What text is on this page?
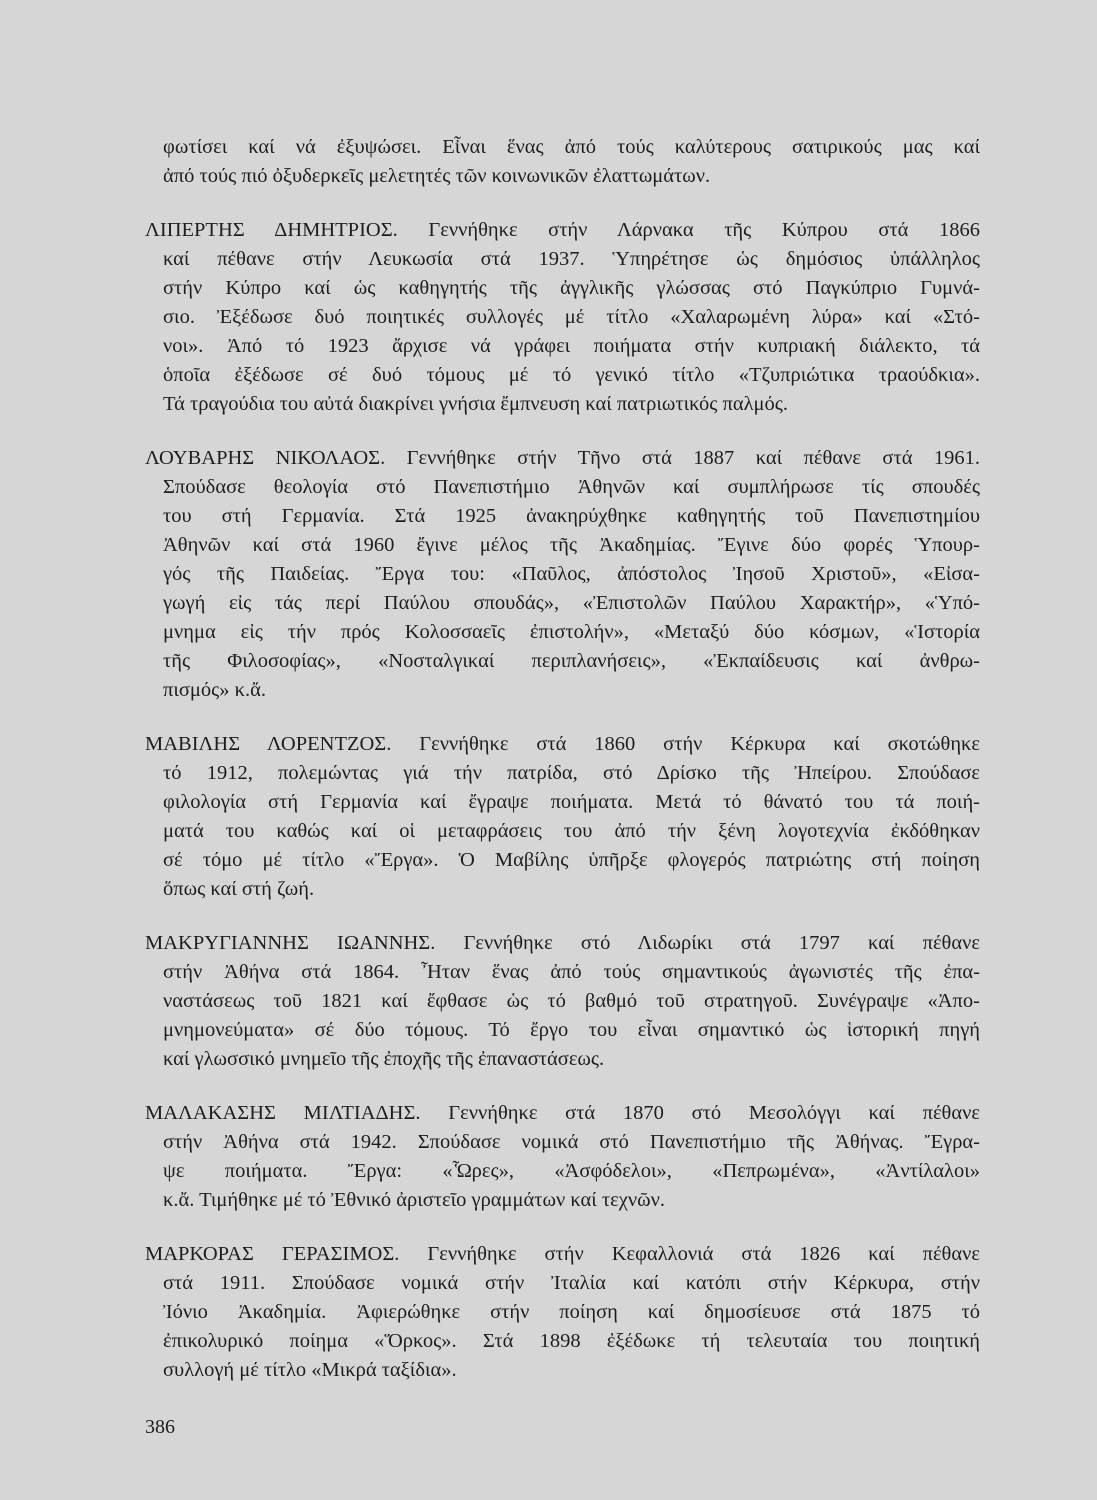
φωτίσει καί νά ἐξυψώσει. Εἶναι ἕνας ἀπό τούς καλύτερους σατιρικούς μας καί
ἀπό τούς πιό ὀξυδερκεῖς μελετητές τῶν κοινωνικῶν ἐλαττωμάτων.
ΛΙΠΕΡΤΗΣ ΔΗΜΗΤΡΙΟΣ. Γεννήθηκε στήν Λάρνακα τῆς Κύπρου στά 1866
καί πέθανε στήν Λευκωσία στά 1937. Ὑπηρέτησε ὡς δημόσιος ὑπάλληλος
στήν Κύπρο καί ὡς καθηγητής τῆς ἀγγλικῆς γλώσσας στό Παγκύπριο Γυμνά-
σιο. Ἐξέδωσε δυό ποιητικές συλλογές μέ τίτλο «Χαλαρωμένη λύρα» καί «Στό-
νοι». Ἀπό τό 1923 ἄρχισε νά γράφει ποιήματα στήν κυπριακή διάλεκτο, τά
ὁποῖα ἐξέδωσε σέ δυό τόμους μέ τό γενικό τίτλο «Τζυπριώτικα τραούδκια».
Τά τραγούδια του αὐτά διακρίνει γνήσια ἔμπνευση καί πατριωτικός παλμός.
ΛΟΥΒΑΡΗΣ ΝΙΚΟΛΑΟΣ. Γεννήθηκε στήν Τῆνο στά 1887 καί πέθανε στά 1961.
Σπούδασε θεολογία στό Πανεπιστήμιο Ἀθηνῶν καί συμπλήρωσε τίς σπουδές
του στή Γερμανία. Στά 1925 ἀνακηρύχθηκε καθηγητής τοῦ Πανεπιστημίου
Ἀθηνῶν καί στά 1960 ἔγινε μέλος τῆς Ἀκαδημίας. Ἔγινε δύο φορές Ὑπουρ-
γός τῆς Παιδείας. Ἔργα του: «Παῦλος, ἀπόστολος Ἰησοῦ Χριστοῦ», «Εἰσα-
γωγή εἰς τάς περί Παύλου σπουδάς», «Ἐπιστολῶν Παύλου Χαρακτήρ», «Ὑπό-
μνημα εἰς τήν πρός Κολοσσαεῖς ἐπιστολήν», «Μεταξύ δύο κόσμων, «Ἱστορία
τῆς Φιλοσοφίας», «Νοσταλγικαί περιπλανήσεις», «Ἐκπαίδευσις καί ἀνθρω-
πισμός» κ.ἄ.
ΜΑΒΙΛΗΣ ΛΟΡΕΝΤΖΟΣ. Γεννήθηκε στά 1860 στήν Κέρκυρα καί σκοτώθηκε
τό 1912, πολεμώντας γιά τήν πατρίδα, στό Δρίσκο τῆς Ἠπείρου. Σπούδασε
φιλολογία στή Γερμανία καί ἔγραψε ποιήματα. Μετά τό θάνατό του τά ποιή-
ματά του καθώς καί οἱ μεταφράσεις του ἀπό τήν ξένη λογοτεχνία ἐκδόθηκαν
σέ τόμο μέ τίτλο «Ἔργα». Ὁ Μαβίλης ὑπῆρξε φλογερός πατριώτης στή ποίηση
ὅπως καί στή ζωή.
ΜΑΚΡΥΓΙΑΝΝΗΣ ΙΩΑΝΝΗΣ. Γεννήθηκε στό Λιδωρίκι στά 1797 καί πέθανε
στήν Ἀθήνα στά 1864. Ἦταν ἕνας ἀπό τούς σημαντικούς ἀγωνιστές τῆς ἐπα-
ναστάσεως τοῦ 1821 καί ἔφθασε ὡς τό βαθμό τοῦ στρατηγοῦ. Συνέγραψε «Ἀπο-
μνημονεύματα» σέ δύο τόμους. Τό ἔργο του εἶναι σημαντικό ὡς ἱστορική πηγή
καί γλωσσικό μνημεῖο τῆς ἐποχῆς τῆς ἐπαναστάσεως.
ΜΑΛΑΚΑΣΗΣ ΜΙΛΤΙΑΔΗΣ. Γεννήθηκε στά 1870 στό Μεσολόγγι καί πέθανε
στήν Ἀθήνα στά 1942. Σπούδασε νομικά στό Πανεπιστήμιο τῆς Ἀθήνας. Ἔγρα-
ψε ποιήματα. Ἔργα: «Ὧρες», «Ἀσφόδελοι», «Πεπρωμένα», «Ἀντίλαλοι»
κ.ἄ. Τιμήθηκε μέ τό Ἐθνικό ἀριστεῖο γραμμάτων καί τεχνῶν.
ΜΑΡΚΟΡΑΣ ΓΕΡΑΣΙΜΟΣ. Γεννήθηκε στήν Κεφαλλονιά στά 1826 καί πέθανε
στά 1911. Σπούδασε νομικά στήν Ἰταλία καί κατόπι στήν Κέρκυρα, στήν
Ἰόνιο Ἀκαδημία. Ἀφιερώθηκε στήν ποίηση καί δημοσίευσε στά 1875 τό
ἐπικολυρικό ποίημα «Ὅρκος». Στά 1898 ἐξέδωκε τή τελευταία του ποιητική
συλλογή μέ τίτλο «Μικρά ταξίδια».
386
